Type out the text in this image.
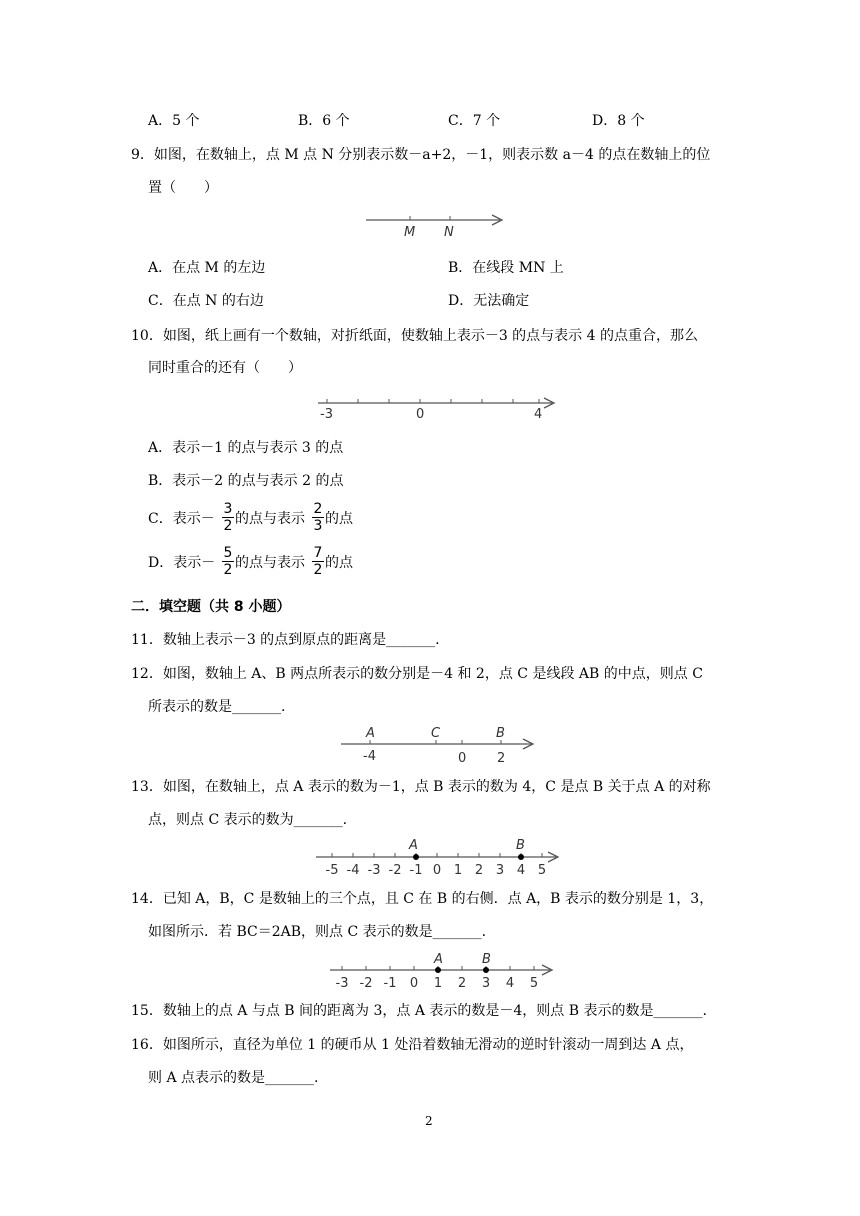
A．5 个	B．6 个	C．7 个	D．8 个
9．如图，在数轴上，点 M 点 N 分别表示数－a+2，－1，则表示数 a－4 的点在数轴上的位
置（　　）
M N
A．在点 M 的左边	B．在线段 MN 上
C．在点 N 的右边	D．无法确定
10．如图，纸上画有一个数轴，对折纸面，使数轴上表示－3 的点与表示 4 的点重合，那么
同时重合的还有（　　）
-3	0	4
A．表示－1 的点与表示 3 的点
B．表示－2 的点与表示 2 的点
C．表示－
3
2 的点与表示
2
3 的点
D．表示－
5
2 的点与表示
7
2 的点
二．填空题（共 8 小题）
11．数轴上表示－3 的点到原点的距离是_______.
12．如图，数轴上 A、B 两点所表示的数分别是－4 和 2，点 C 是线段 AB 的中点，则点 C
所表示的数是_______.
A	C	B
-4	0 2
13．如图，在数轴上，点 A 表示的数为－1，点 B 表示的数为 4，C 是点 B 关于点 A 的对称
点，则点 C 表示的数为_______.
A	B
-5 -4 -3 -2 -1 0 1 2 3 4 5
14．已知 A，B，C 是数轴上的三个点，且 C 在 B 的右侧．点 A，B 表示的数分别是 1，3，
如图所示．若 BC＝2AB，则点 C 表示的数是_______.
A	B
-3 -2 -1 0 1 2 3 4 5
15．数轴上的点 A 与点 B 间的距离为 3，点 A 表示的数是－4，则点 B 表示的数是_______.
16．如图所示，直径为单位 1 的硬币从 1 处沿着数轴无滑动的逆时针滚动一周到达 A 点，
则 A 点表示的数是_______.
2
